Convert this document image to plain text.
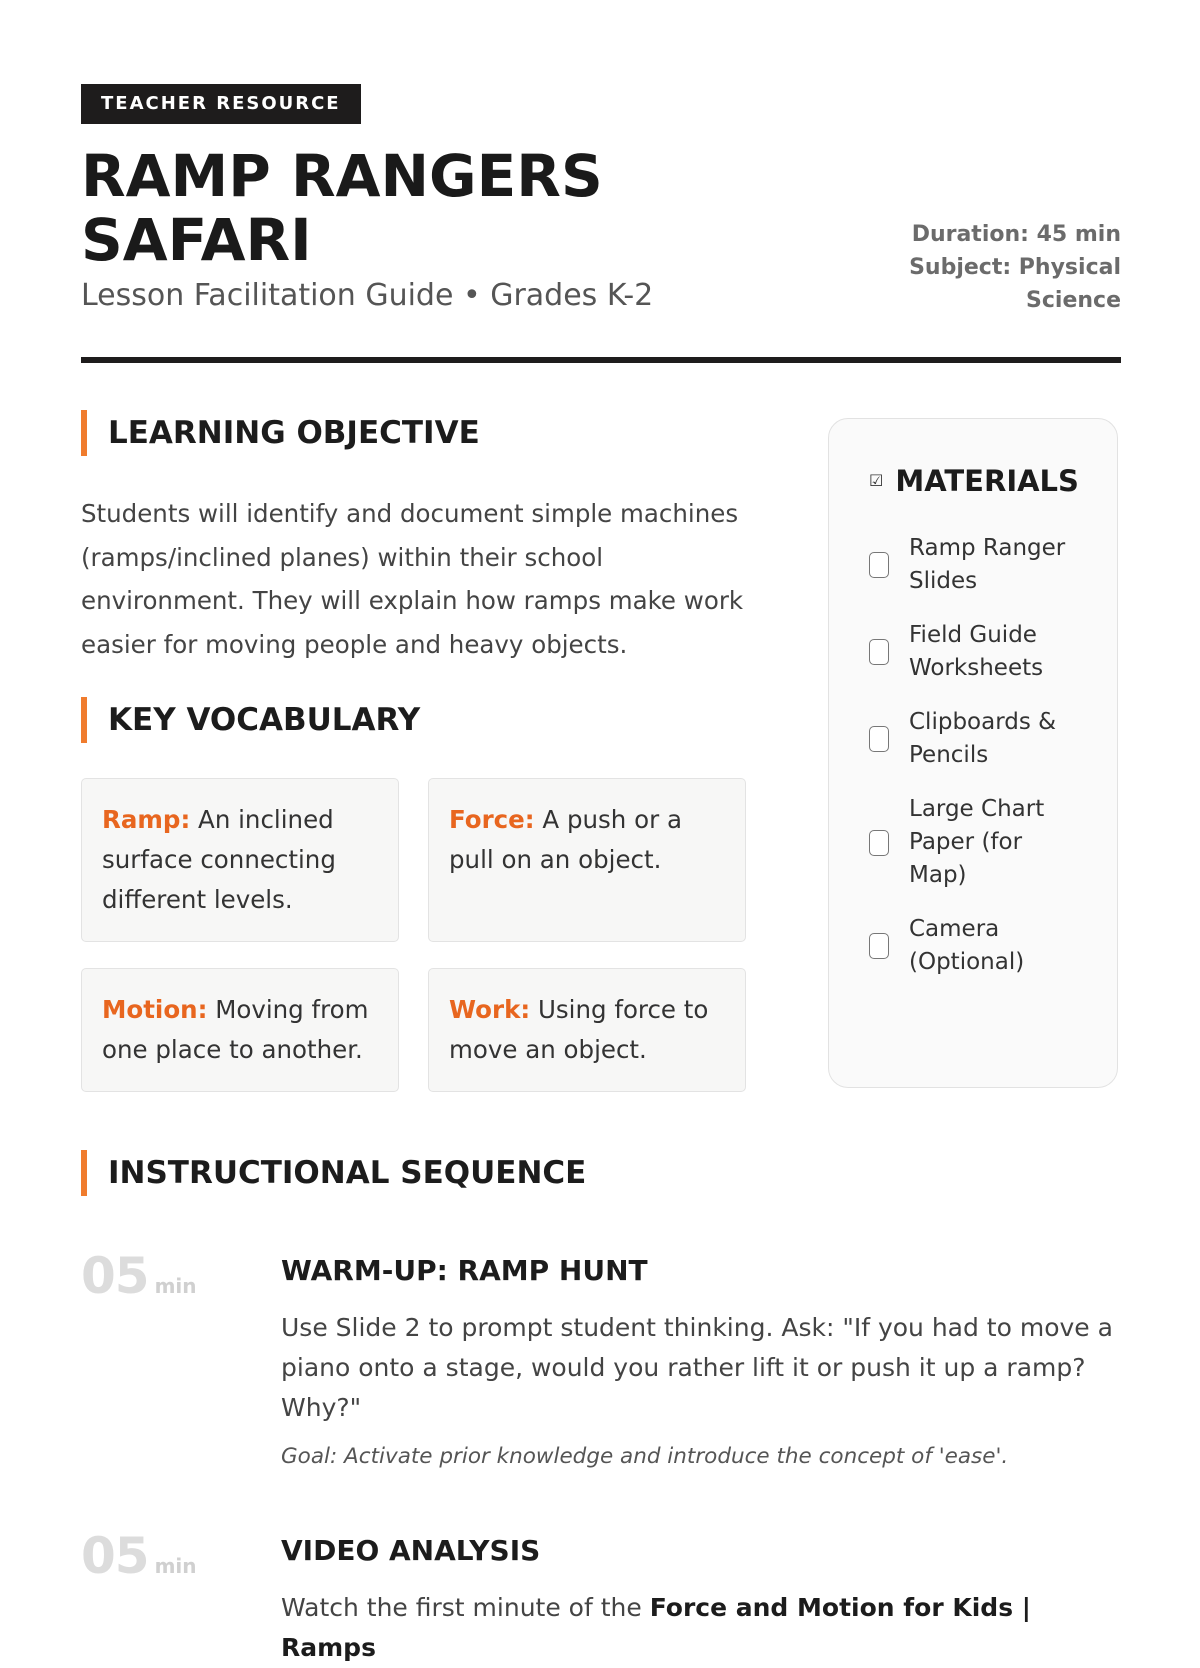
TEACHER RESOURCE
RAMP RANGERS SAFARI
Lesson Facilitation Guide • Grades K-2
Duration: 45 min
Subject: Physical Science
LEARNING OBJECTIVE
Students will identify and document simple machines (ramps/inclined planes) within their school environment. They will explain how ramps make work easier for moving people and heavy objects.
KEY VOCABULARY
Ramp: An inclined surface connecting different levels.
Force: A push or a pull on an object.
Motion: Moving from one place to another.
Work: Using force to move an object.
☑ MATERIALS
Ramp Ranger Slides
Field Guide Worksheets
Clipboards & Pencils
Large Chart Paper (for Map)
Camera (Optional)
INSTRUCTIONAL SEQUENCE
05 min	WARM-UP: RAMP HUNT
Use Slide 2 to prompt student thinking. Ask: "If you had to move a piano onto a stage, would you rather lift it or push it up a ramp? Why?"
Goal: Activate prior knowledge and introduce the concept of 'ease'.
05 min	VIDEO ANALYSIS
Watch the first minute of the Force and Motion for Kids | Ramps
